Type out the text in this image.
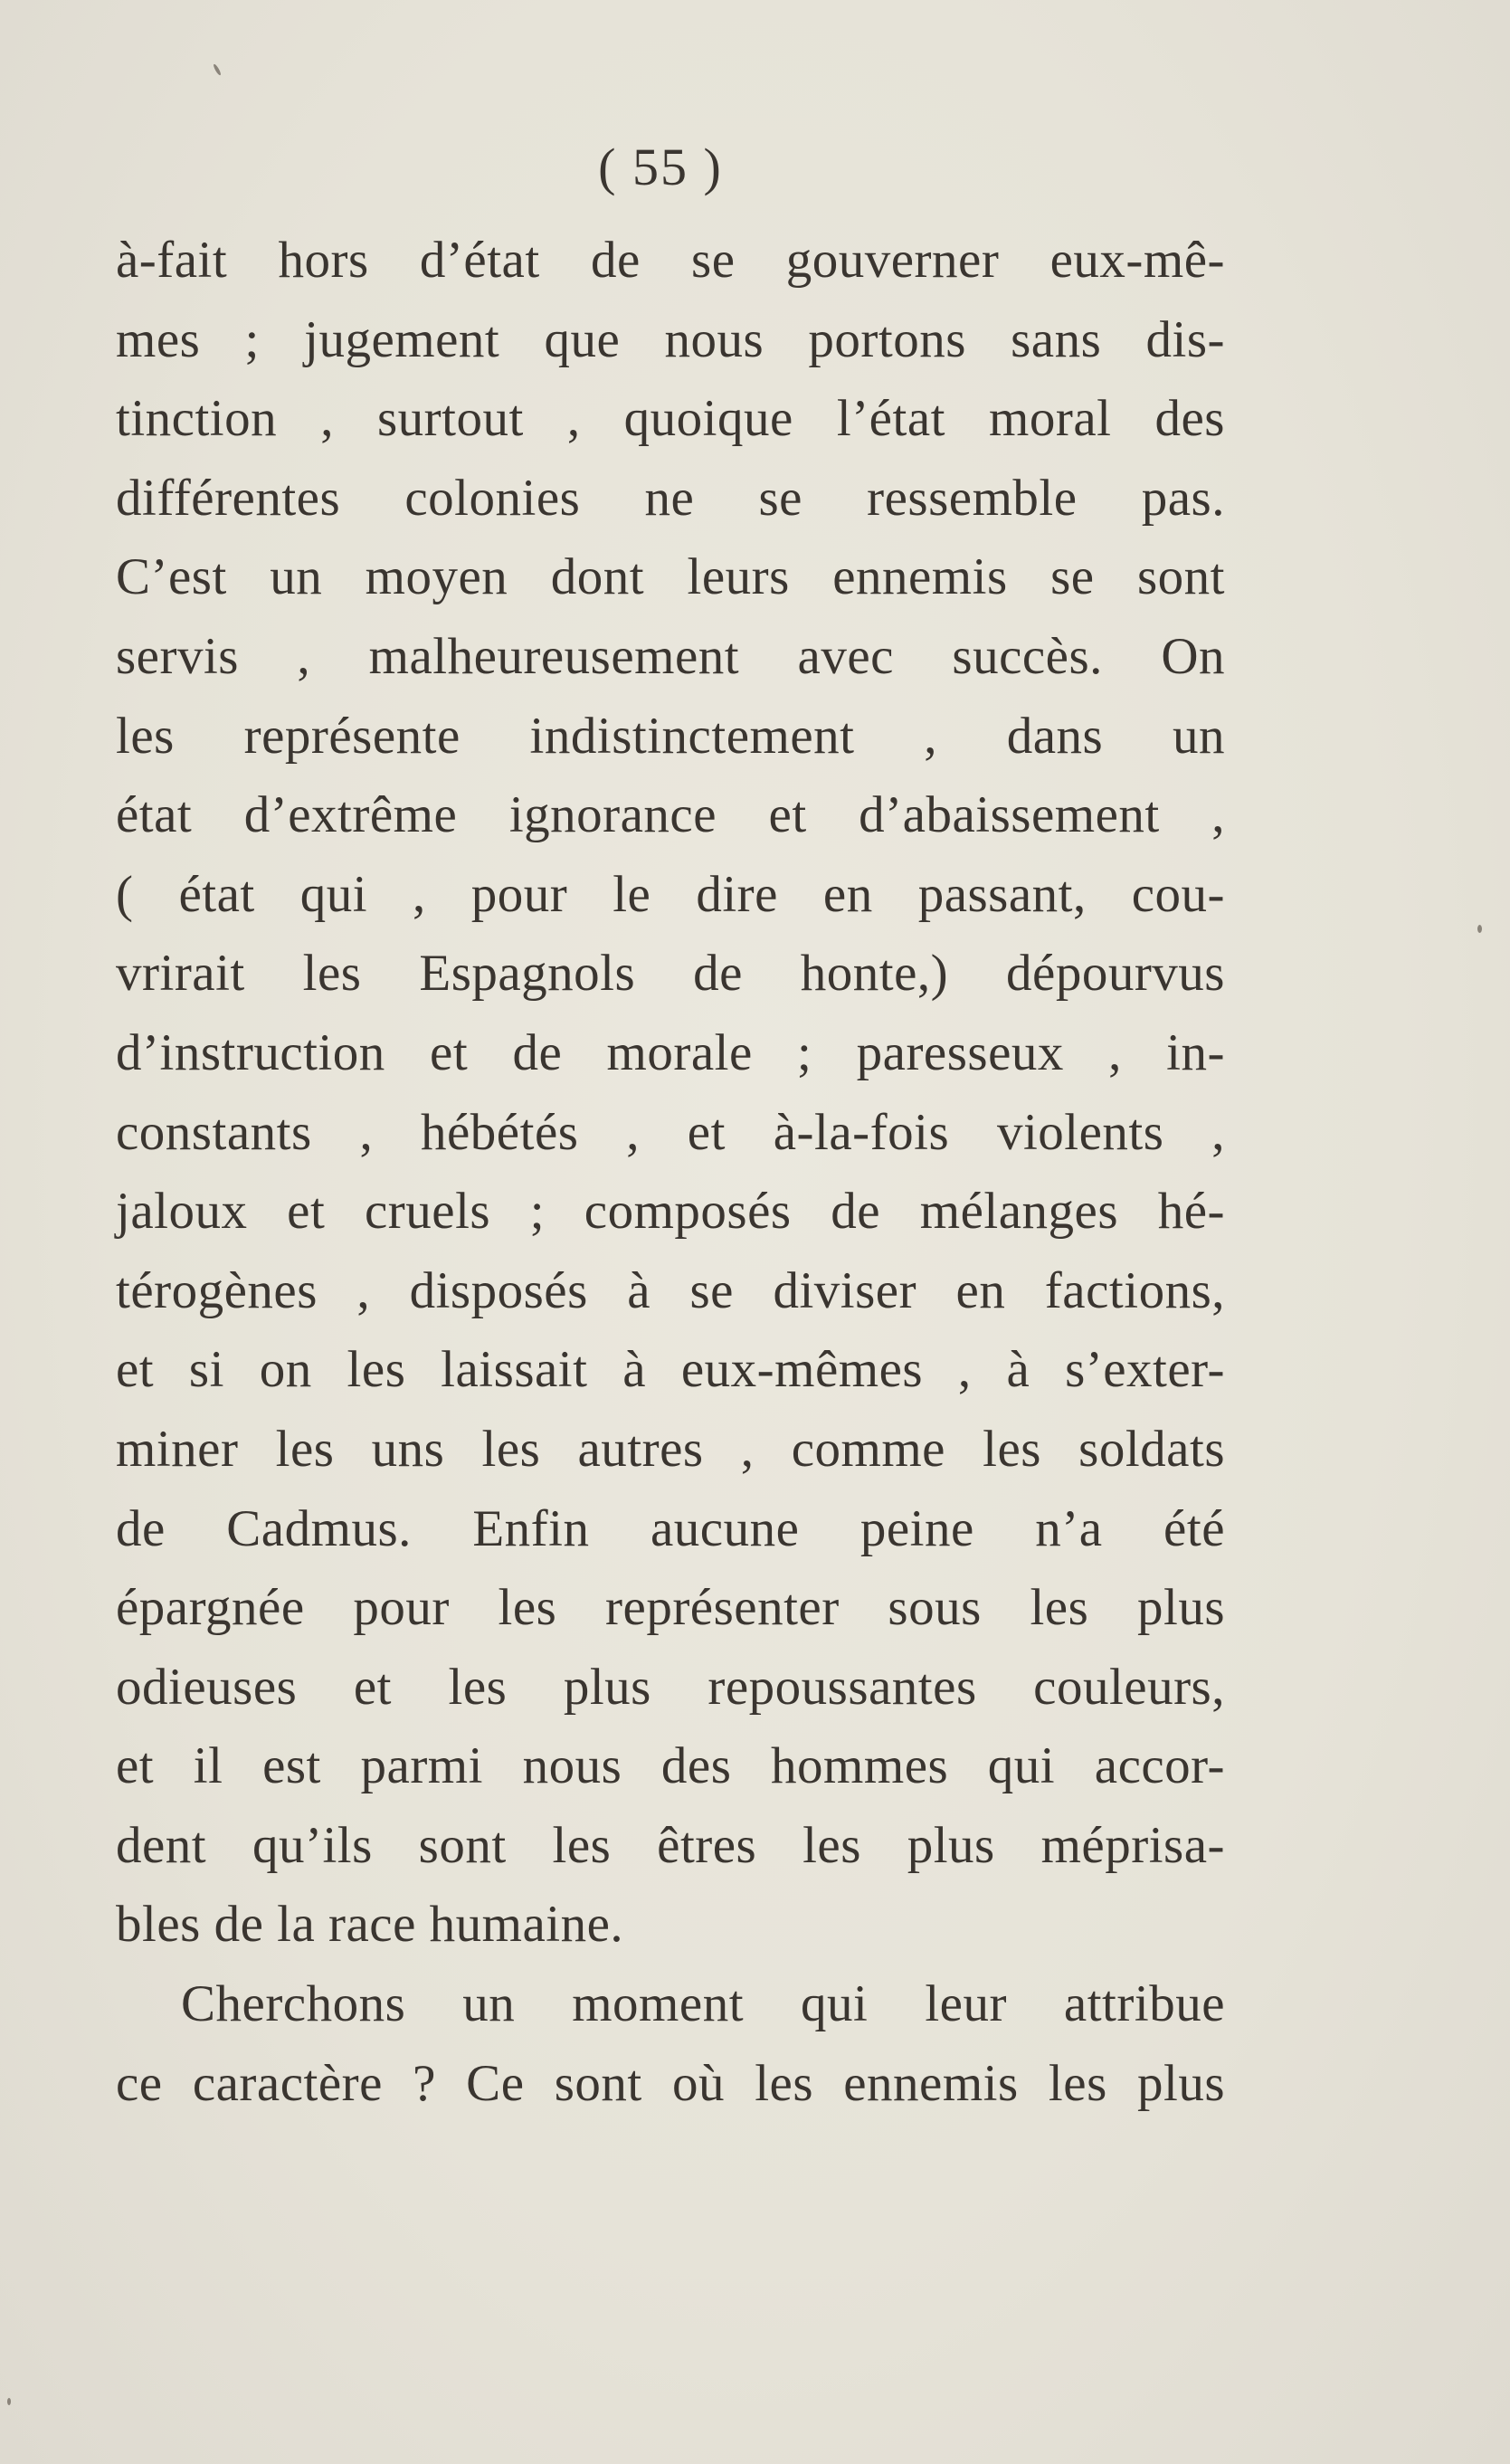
( 55 )
à-fait hors d’état de se gouverner eux-mê-
mes ; jugement que nous portons sans dis-
tinction , surtout , quoique l’état moral des
différentes colonies ne se ressemble pas.
C’est un moyen dont leurs ennemis se sont
servis , malheureusement avec succès. On
les représente indistinctement , dans un
état d’extrême ignorance et d’abaissement ,
( état qui , pour le dire en passant, cou-
vrirait les Espagnols de honte,) dépourvus
d’instruction et de morale ; paresseux , in-
constants , hébétés , et à-la-fois violents ,
jaloux et cruels ; composés de mélanges hé-
térogènes , disposés à se diviser en factions,
et si on les laissait à eux-mêmes , à s’exter-
miner les uns les autres , comme les soldats
de Cadmus. Enfin aucune peine n’a été
épargnée pour les représenter sous les plus
odieuses et les plus repoussantes couleurs,
et il est parmi nous des hommes qui accor-
dent qu’ils sont les êtres les plus méprisa-
bles de la race humaine.
Cherchons un moment qui leur attribue
ce caractère ? Ce sont où les ennemis les plus
